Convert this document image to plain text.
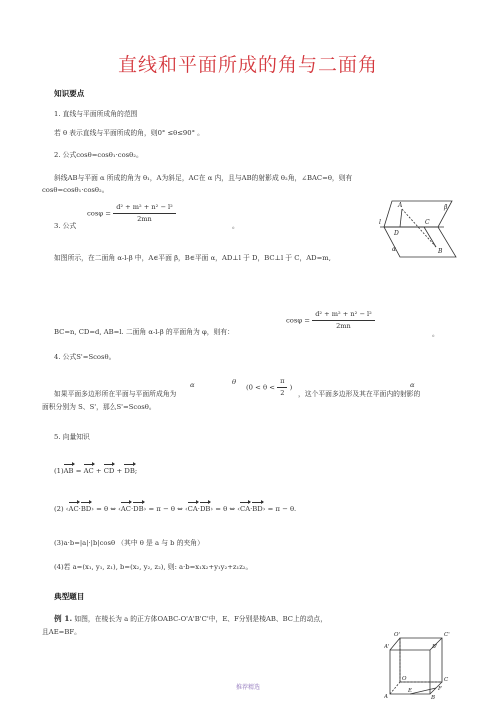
直线和平面所成的角与二面角
知识要点
1. 直线与平面所成角的范围
若 θ 表示直线与平面所成的角，则0° ≤θ≤90° 。
2. 公式cosθ=cosθ₁·cosθ₂。
斜线AB与平面 α 所成的角为 θ₁，A为斜足，AC在 α 内，且与AB的射影成 θ₂角，∠BAC=θ，则有
cosθ=cosθ₁·cosθ₂。
3. 公式
$\cos\varphi = \frac{\text{d² + m² + n² − l²}}{2mn}$
。	l
A
B
C
D
α
β
如图所示，在二面角 α-l-β 中，A∈平面 β，B∈平面 α，AD⊥l 于 D，BC⊥l 于 C，AD=m,
BC=n, CD=d, AB=l. 二面角 α-l-β 的平面角为 φ，则有：
$\cos\varphi = \frac{\text{d² + m² + n² − l²}}{2mn}$
。
4. 公式S'=Scosθ。
如果平面多边形所在平面与平面所成角为
α	θ
($0 < \theta < \frac{\pi}{2}$ )
，这个平面多边形及其在平面内的射影的
α
面积分别为 S、S'，那么S'=Scosθ。
5. 向量知识
(1)AB = AC + CD + DB;
(2) ‹AC·BD› = θ ⇔ ‹AC·DB› = π − θ ⇔ ‹CA·DB› = θ ⇔ ‹CA·BD› = π − θ.
(3)a·b=|a|·|b|cosθ （其中 θ 是 a 与 b 的夹角）
(4)若 a=(x₁, y₁, z₁), b=(x₂, y₂, z₂), 则: a·b=x₁x₂+y₁y₂+z₁z₂。
典型题目
例 1. 如图，在棱长为 a 的正方体OABC-O'A'B'C'中，E、F分别是棱AB、BC上的动点，
且AE=BF。	O'
A'	B'
C'
O
A	B
C
E	F
推荐精选
